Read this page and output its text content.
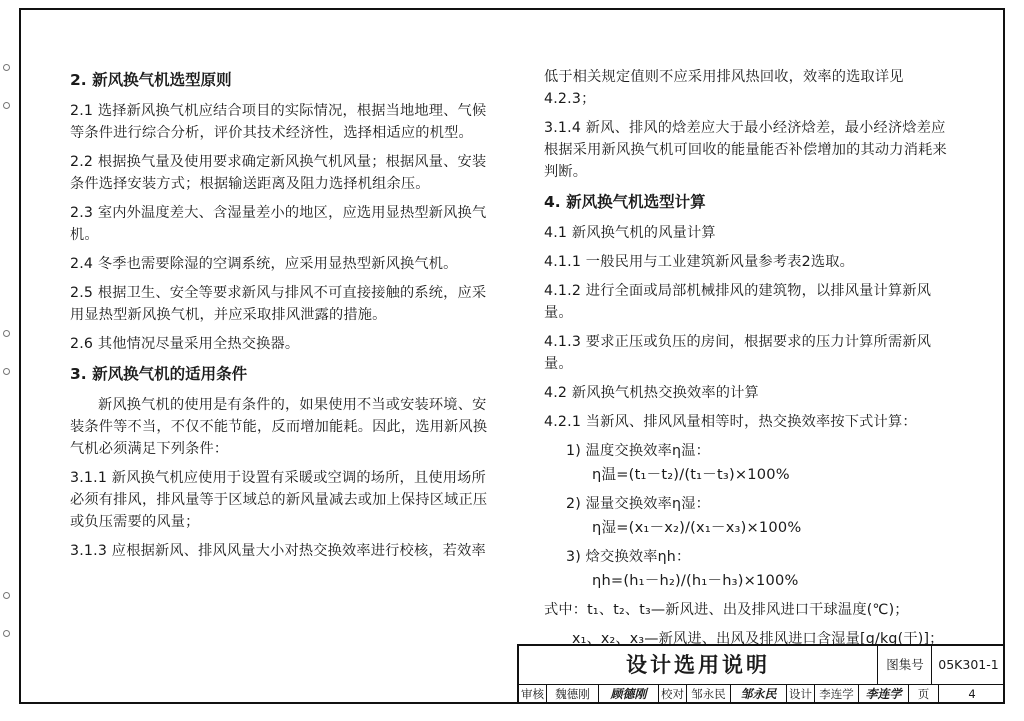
2. 新风换气机选型原则

2.1 选择新风换气机应结合项目的实际情况，根据当地地理、气候等条件进行综合分析，评价其技术经济性，选择相适应的机型。

2.2 根据换气量及使用要求确定新风换气机风量；根据风量、安装条件选择安装方式；根据输送距离及阻力选择机组余压。

2.3 室内外温度差大、含湿量差小的地区，应选用显热型新风换气机。

2.4 冬季也需要除湿的空调系统，应采用显热型新风换气机。

2.5 根据卫生、安全等要求新风与排风不可直接接触的系统，应采用显热型新风换气机，并应采取排风泄露的措施。

2.6 其他情况尽量采用全热交换器。

3. 新风换气机的适用条件

新风换气机的使用是有条件的，如果使用不当或安装环境、安装条件等不当，不仅不能节能，反而增加能耗。因此，选用新风换气机必须满足下列条件：

3.1.1 新风换气机应使用于设置有采暖或空调的场所，且使用场所必须有排风，排风量等于区域总的新风量减去或加上保持区域正压或负压需要的风量；

3.1.3 应根据新风、排风风量大小对热交换效率进行校核，若效率

低于相关规定值则不应采用排风热回收，效率的选取详见4.2.3；

3.1.4 新风、排风的焓差应大于最小经济焓差，最小经济焓差应根据采用新风换气机可回收的能量能否补偿增加的其动力消耗来判断。

4. 新风换气机选型计算

4.1 新风换气机的风量计算

4.1.1 一般民用与工业建筑新风量参考表2选取。

4.1.2 进行全面或局部机械排风的建筑物，以排风量计算新风量。

4.1.3 要求正压或负压的房间，根据要求的压力计算所需新风量。

4.2 新风换气机热交换效率的计算

4.2.1 当新风、排风风量相等时，热交换效率按下式计算：

1) 温度交换效率η温：

η温=(t₁－t₂)/(t₁－t₃)×100%

2) 湿量交换效率η湿：

η湿=(x₁－x₂)/(x₁－x₃)×100%

3) 焓交换效率ηh：

ηh=(h₁－h₂)/(h₁－h₃)×100%

式中：t₁、t₂、t₃—新风进、出及排风进口干球温度(℃)；

x₁、x₂、x₃—新风进、出风及排风进口含湿量[g/kg(干)]；

设计选用说明	图集号	05K301-1
审核 魏德刚	顾德刚	校对 邹永民	邹永民	设计 李连学 李连学	页	4
